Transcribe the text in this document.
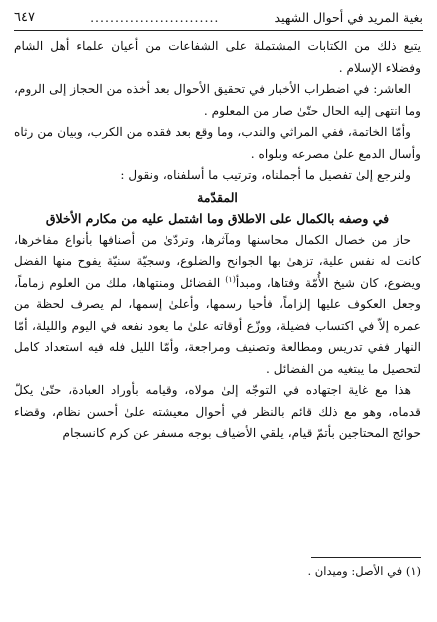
بغية المريد في أحوال الشهيد
..........................
٦٤٧

يتبع ذلك من الكتابات المشتملة على الشفاعات من أعيان علماء أهل الشام وفضلاء الإسلام .

العاشر: في اضطراب الأخبار في تحقيق الأحوال بعد أخذه من الحجاز إلى الروم، وما انتهى إليه الحال حتّىٰ صار من المعلوم .

وأمّا الخاتمة، ففي المراثي والندب، وما وقع بعد فقده من الكرب، وبيان من رثاه وأسال الدمع علىٰ مصرعه وبلواه .

ولنرجع إلىٰ تفصيل ما أجملناه، وترتيب ما أسلفناه، ونقول :

المقدّمة
في وصفه بالكمال على الاطلاق وما اشتمل عليه من مكارم الأخلاق

حاز من خصال الكمال محاسنها ومآثرها، وتردّىٰ من أصنافها بأنواع مفاخرها، كانت له نفس علية، تزهىٰ بها الجوانح والضلوع، وسجيّة سنيّة يفوح منها الفضل ويضوع، كان شيخ الأُمّة وفتاها، ومبدأ$^{(١)}$ الفضائل ومنتهاها، ملك من العلوم زماماً، وجعل العكوف عليها إلزاماً، فأحيا رسمها، وأعلىٰ إسمها، لم يصرف لحظة من عمره إلاّ في اكتساب فضيلة، ووزّع أوقاته علىٰ ما يعود نفعه في اليوم والليلة، أمّا النهار ففي تدريس ومطالعة وتصنيف ومراجعة، وأمّا الليل فله فيه استعداد كامل لتحصيل ما يبتغيه من الفضائل .

هذا مع غاية اجتهاده في التوجّه إلىٰ مولاه، وقيامه بأوراد العبادة، حتّىٰ يكلّ قدماه، وهو مع ذلك قائم بالنظر في أحوال معيشته علىٰ أحسن نظام، وقضاء حوائج المحتاجين بأتمّ قيام، يلقي الأضياف بوجه مسفر عن كرم كانسجام

(١) في الأصل: وميدان .
